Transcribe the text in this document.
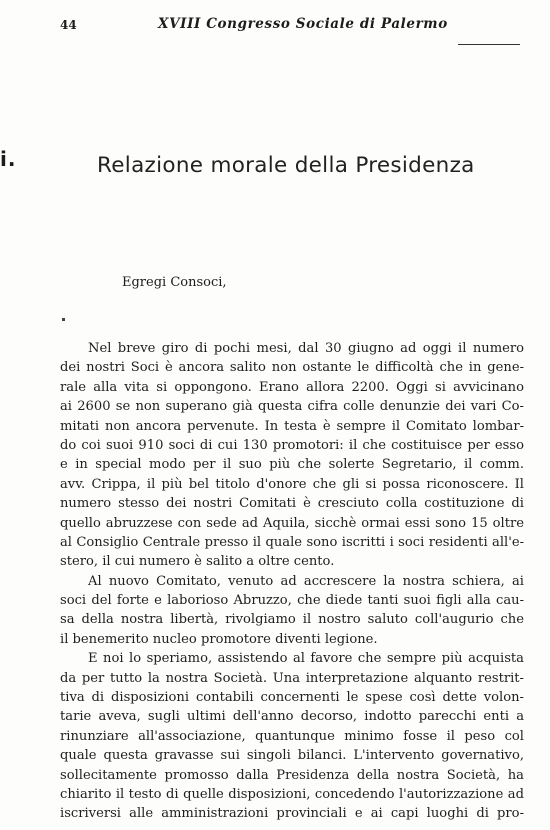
44	XVIII Congresso Sociale di Palermo
i.	Relazione morale della Presidenza
Egregi Consoci,
Nel breve giro di pochi mesi, dal 30 giugno ad oggi il numero
dei nostri Soci è ancora salito non ostante le difficoltà che in gene-
rale alla vita si oppongono. Erano allora 2200. Oggi si avvicinano
ai 2600 se non superano già questa cifra colle denunzie dei vari Co-
mitati non ancora pervenute. In testa è sempre il Comitato lombar-
do coi suoi 910 soci di cui 130 promotori: il che costituisce per esso
e in special modo per il suo più che solerte Segretario, il comm.
avv. Crippa, il più bel titolo d'onore che gli si possa riconoscere. Il
numero stesso dei nostri Comitati è cresciuto colla costituzione di
quello abruzzese con sede ad Aquila, sicchè ormai essi sono 15 oltre
al Consiglio Centrale presso il quale sono iscritti i soci residenti all'e-
stero, il cui numero è salito a oltre cento.
Al nuovo Comitato, venuto ad accrescere la nostra schiera, ai
soci del forte e laborioso Abruzzo, che diede tanti suoi figli alla cau-
sa della nostra libertà, rivolgiamo il nostro saluto coll'augurio che
il benemerito nucleo promotore diventi legione.
E noi lo speriamo, assistendo al favore che sempre più acquista
da per tutto la nostra Società. Una interpretazione alquanto restrit-
tiva di disposizioni contabili concernenti le spese così dette volon-
tarie aveva, sugli ultimi dell'anno decorso, indotto parecchi enti a
rinunziare all'associazione, quantunque minimo fosse il peso col
quale questa gravasse sui singoli bilanci. L'intervento governativo,
sollecitamente promosso dalla Presidenza della nostra Società, ha
chiarito il testo di quelle disposizioni, concedendo l'autorizzazione ad
iscriversi alle amministrazioni provinciali e ai capi luoghi di pro-
